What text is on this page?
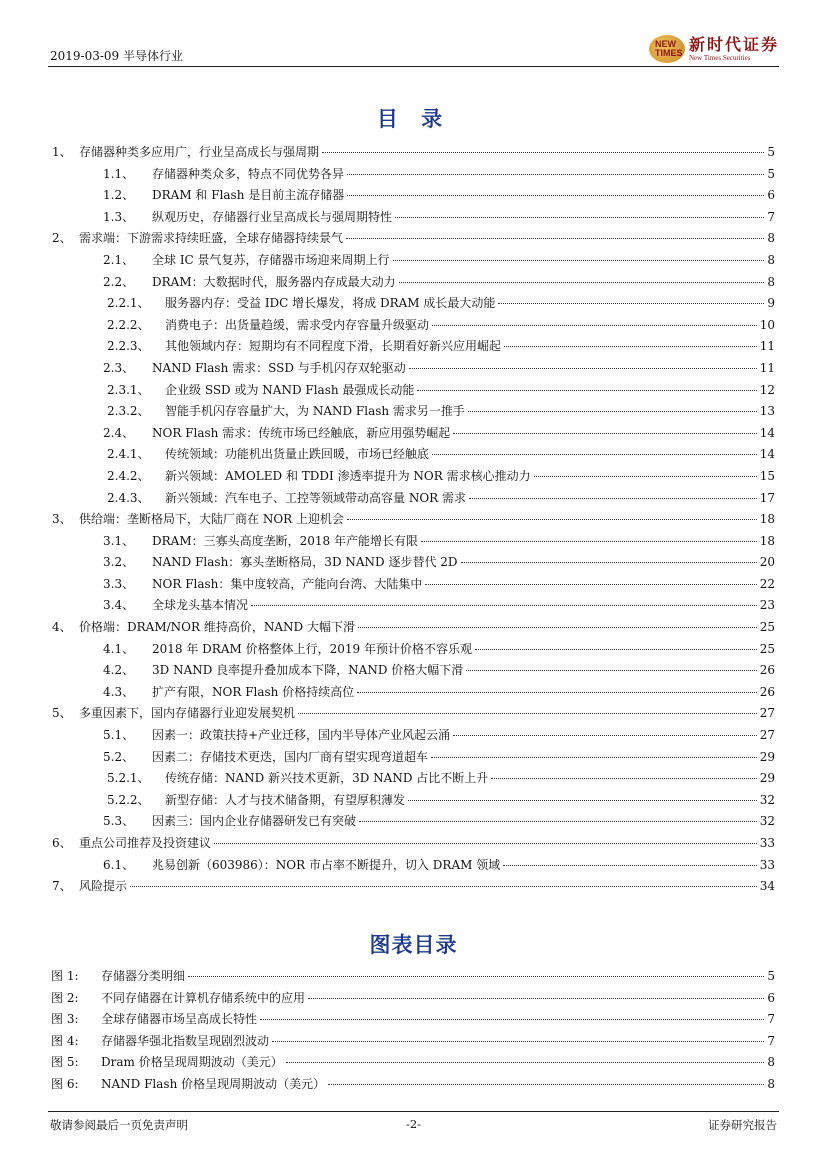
2019-03-09 半导体行业
NEW TIMES 新时代证券
New Times Securities
目 录
1、 存储器种类多应用广，行业呈高成长与强周期	5
1.1、	存储器种类众多，特点不同优势各异	5
1.2、	DRAM 和 Flash 是目前主流存储器	6
1.3、	纵观历史，存储器行业呈高成长与强周期特性	7
2、 需求端：下游需求持续旺盛，全球存储器持续景气	8
2.1、	全球 IC 景气复苏，存储器市场迎来周期上行	8
2.2、	DRAM：大数据时代，服务器内存成最大动力	8
2.2.1、	服务器内存：受益 IDC 增长爆发，将成 DRAM 成长最大动能	9
2.2.2、	消费电子：出货量趋缓，需求受内存容量升级驱动	10
2.2.3、	其他领域内存：短期均有不同程度下滑，长期看好新兴应用崛起	11
2.3、	NAND Flash 需求：SSD 与手机闪存双轮驱动	11
2.3.1、	企业级 SSD 或为 NAND Flash 最强成长动能	12
2.3.2、	智能手机闪存容量扩大，为 NAND Flash 需求另一推手	13
2.4、	NOR Flash 需求：传统市场已经触底，新应用强势崛起	14
2.4.1、	传统领域：功能机出货量止跌回暖，市场已经触底	14
2.4.2、	新兴领域：AMOLED 和 TDDI 渗透率提升为 NOR 需求核心推动力	15
2.4.3、	新兴领域：汽车电子、工控等领域带动高容量 NOR 需求	17
3、 供给端：垄断格局下，大陆厂商在 NOR 上迎机会	18
3.1、	DRAM：三寡头高度垄断，2018 年产能增长有限	18
3.2、	NAND Flash：寡头垄断格局，3D NAND 逐步替代 2D	20
3.3、	NOR Flash：集中度较高，产能向台湾、大陆集中	22
3.4、	全球龙头基本情况	23
4、 价格端：DRAM/NOR 维持高价，NAND 大幅下滑	25
4.1、	2018 年 DRAM 价格整体上行，2019 年预计价格不容乐观	25
4.2、	3D NAND 良率提升叠加成本下降，NAND 价格大幅下滑	26
4.3、	扩产有限，NOR Flash 价格持续高位	26
5、 多重因素下，国内存储器行业迎发展契机	27
5.1、	因素一：政策扶持+产业迁移，国内半导体产业风起云涌	27
5.2、	因素二：存储技术更迭，国内厂商有望实现弯道超车	29
5.2.1、	传统存储：NAND 新兴技术更新，3D NAND 占比不断上升	29
5.2.2、	新型存储：人才与技术储备期，有望厚积薄发	32
5.3、	因素三：国内企业存储器研发已有突破	32
6、 重点公司推荐及投资建议	33
6.1、	兆易创新（603986）：NOR 市占率不断提升，切入 DRAM 领域	33
7、 风险提示	34
图表目录
图 1:	存储器分类明细	5
图 2:	不同存储器在计算机存储系统中的应用	6
图 3:	全球存储器市场呈高成长特性	7
图 4:	存储器华强北指数呈现剧烈波动	7
图 5:	Dram 价格呈现周期波动（美元）	8
图 6:	NAND Flash 价格呈现周期波动（美元）	8
敬请参阅最后一页免责声明	-2-	证券研究报告
